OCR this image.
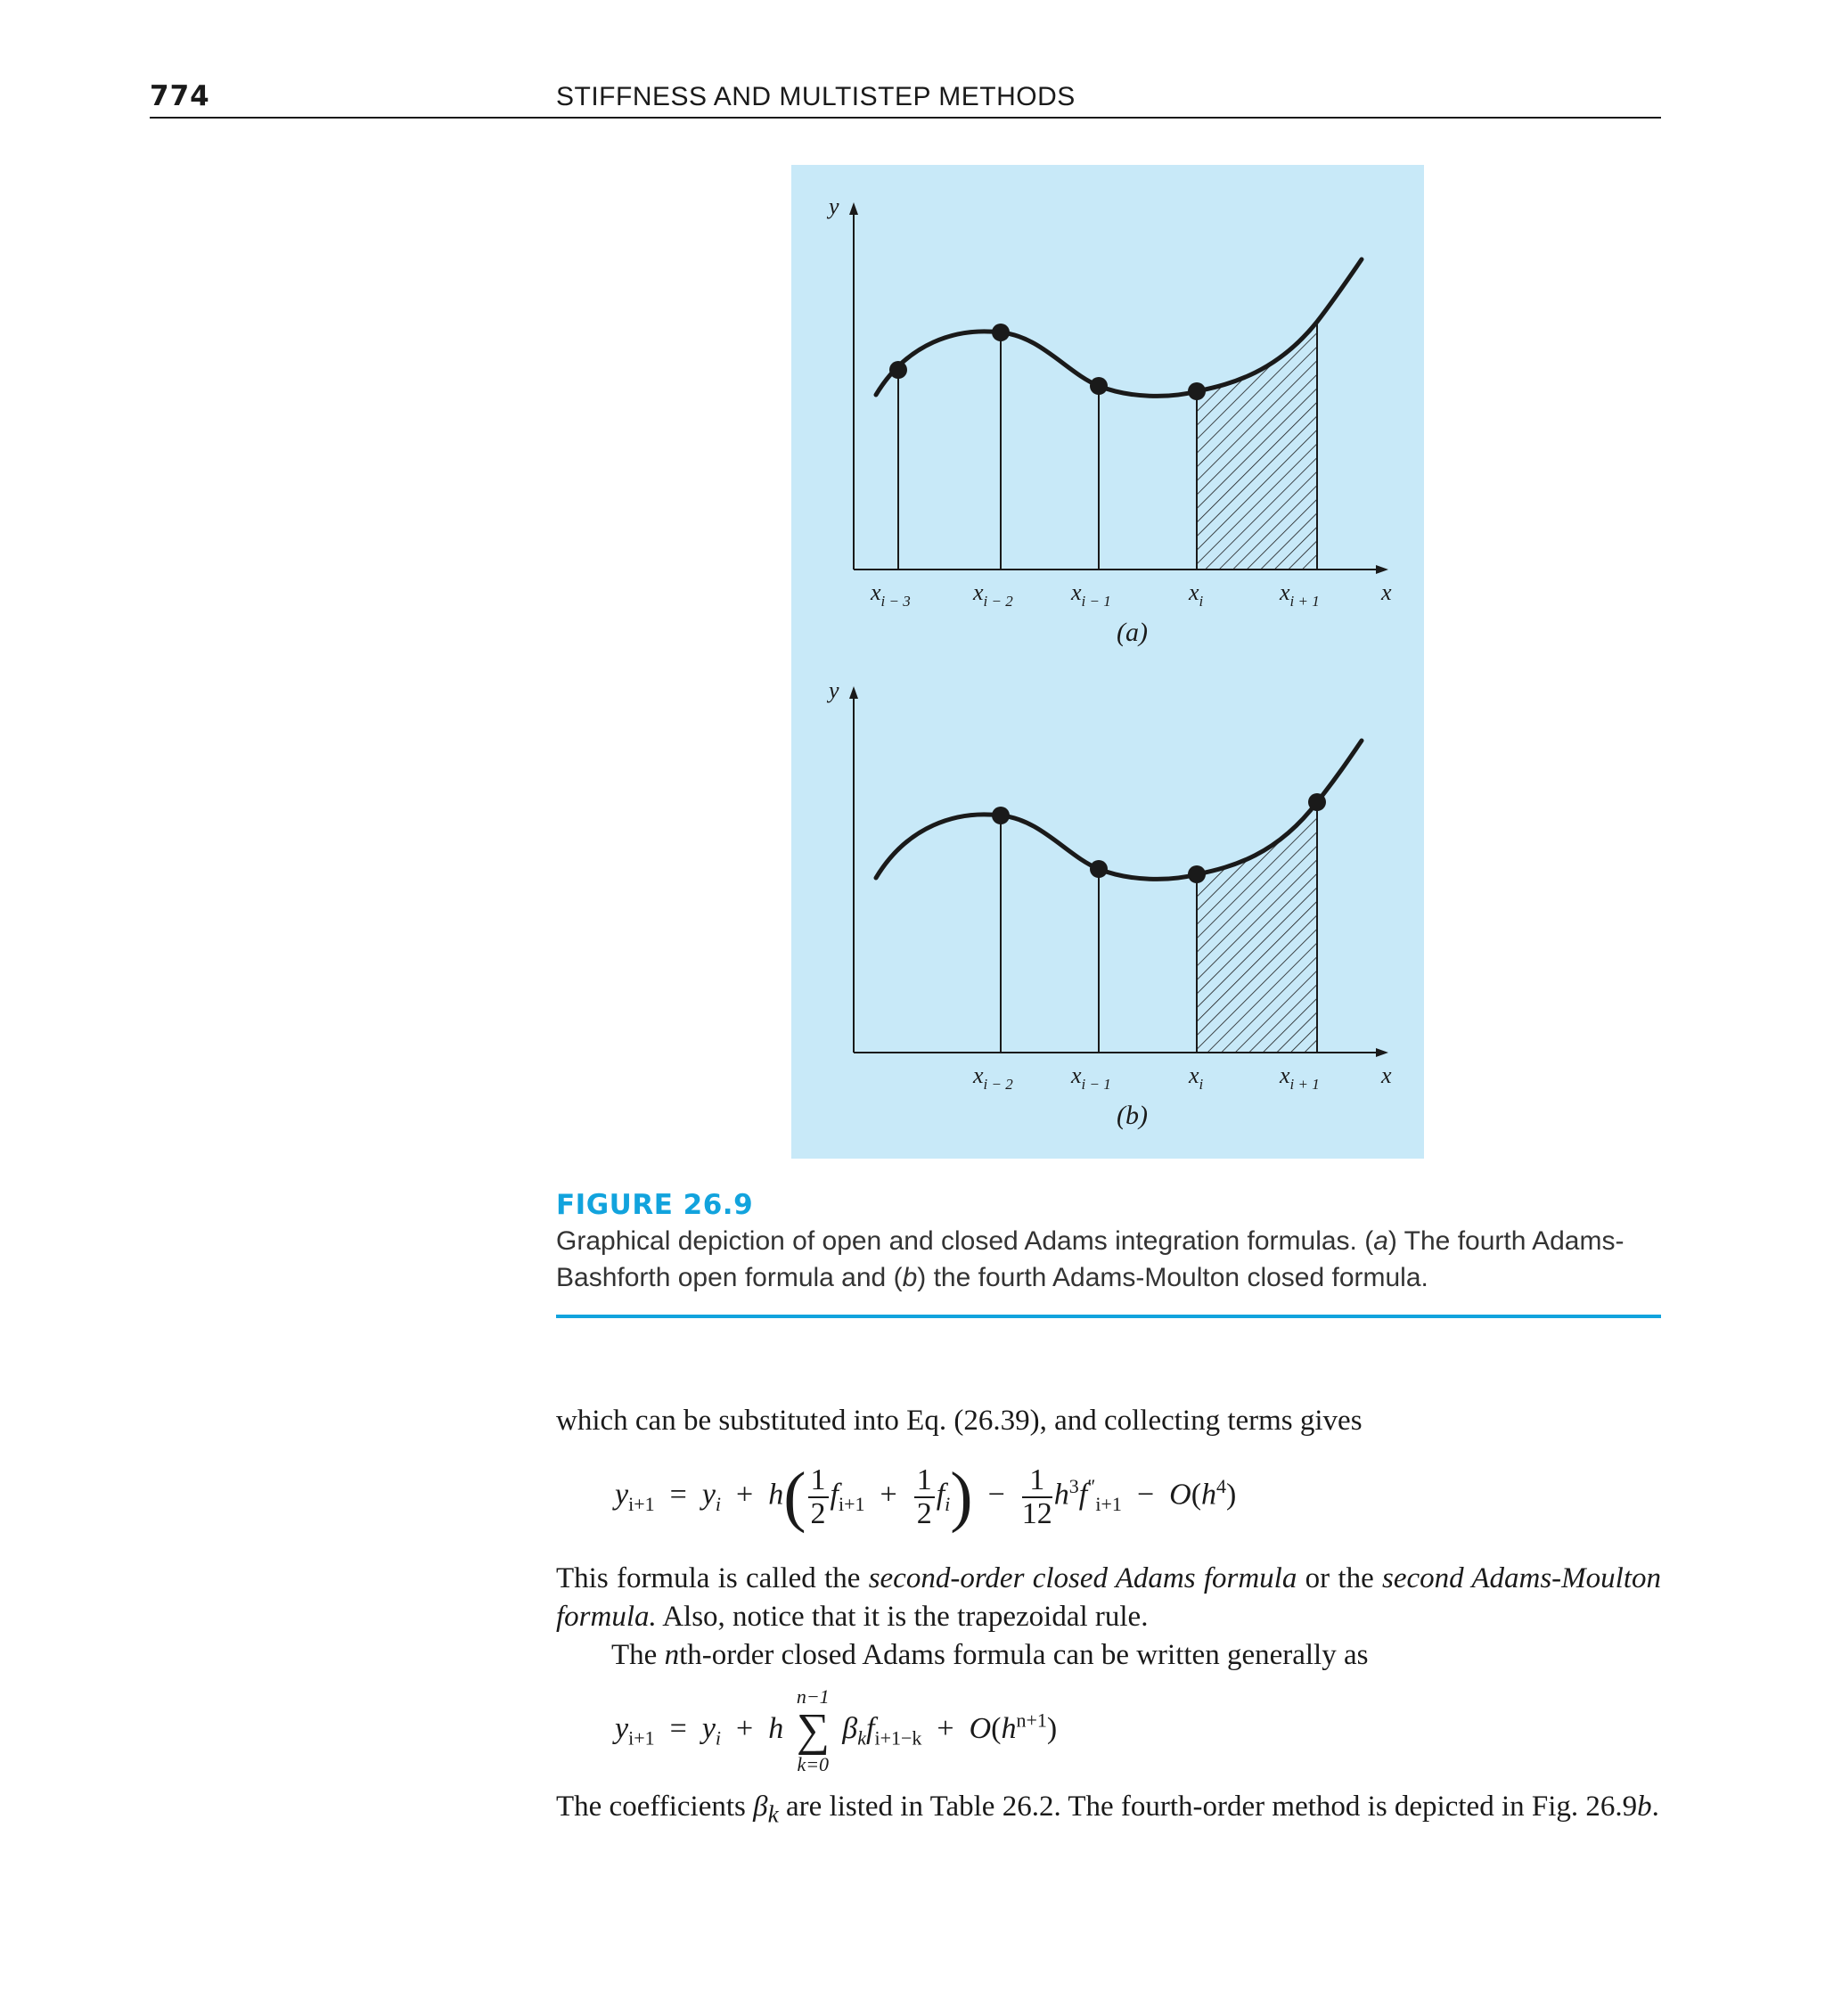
774	STIFFNESS AND MULTISTEP METHODS
y
$x_{i - 3}$	$x_{i - 2}$	$x_{i - 1}$	$x_i$	$x_{i + 1}$	x
(a)
y
$x_{i - 2}$	$x_{i - 1}$	$x_i$	$x_{i + 1}$	x
(b)
FIGURE 26.9
Graphical depiction of open and closed Adams integration formulas. (a) The fourth Adams-Bashforth open formula and (b) the fourth Adams-Moulton closed formula.
which can be substituted into Eq. (26.39), and collecting terms gives
$y_{i+1} = y_i + h( \frac{1}{2} f_{i+1} + \frac{1}{2} f_i) - \frac{1}{12} h^3f''_{i+1} - O(h^4)$
This formula is called the second-order closed Adams formula or the second Adams-Moulton formula. Also, notice that it is the trapezoidal rule.
The nth-order closed Adams formula can be written generally as
$y_{i+1} = y_i + h$
n−1
∑
k=0
$\beta_kf_{i+1-k} + O(h^{n+1})$
The coefficients $\beta_k$ are listed in Table 26.2. The fourth-order method is depicted in Fig. 26.9b.
